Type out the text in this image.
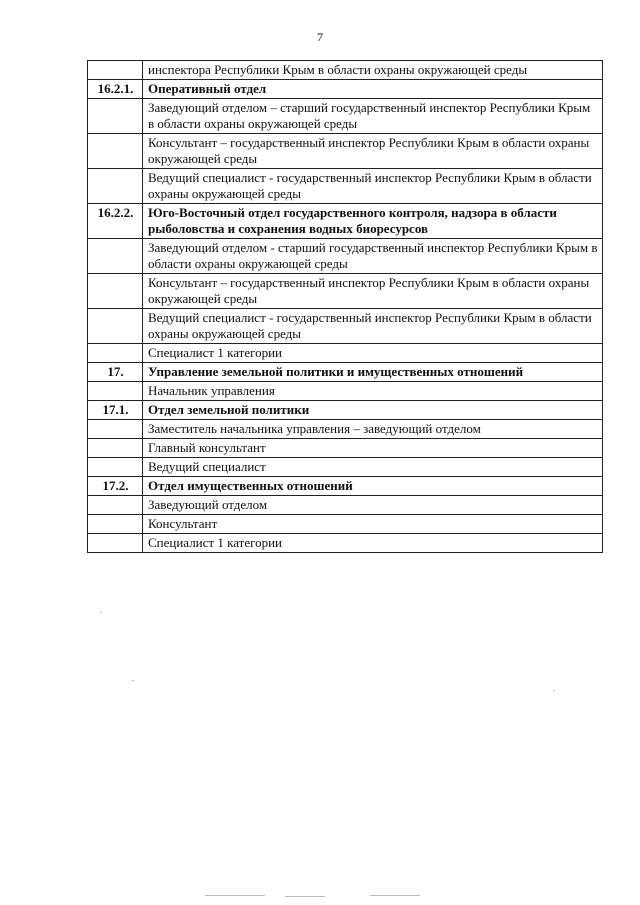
7
	инспектора Республики Крым в области охраны окружающей среды
16.2.1.	Оперативный отдел
	Заведующий отделом – старший государственный инспектор Республики Крым в области охраны окружающей среды
	Консультант – государственный инспектор Республики Крым в области охраны окружающей среды
	Ведущий специалист - государственный инспектор Республики Крым в области охраны окружающей среды
16.2.2.	Юго-Восточный отдел государственного контроля, надзора в области рыболовства и сохранения водных биоресурсов
	Заведующий отделом - старший государственный инспектор Республики Крым в области охраны окружающей среды
	Консультант – государственный инспектор Республики Крым в области охраны окружающей среды
	Ведущий специалист - государственный инспектор Республики Крым в области охраны окружающей среды
	Специалист 1 категории
17.	Управление земельной политики и имущественных отношений
	Начальник управления
17.1.	Отдел земельной политики
	Заместитель начальника управления – заведующий отделом
	Главный консультант
	Ведущий специалист
17.2.	Отдел имущественных отношений
	Заведующий отделом
	Консультант
	Специалист 1 категории
